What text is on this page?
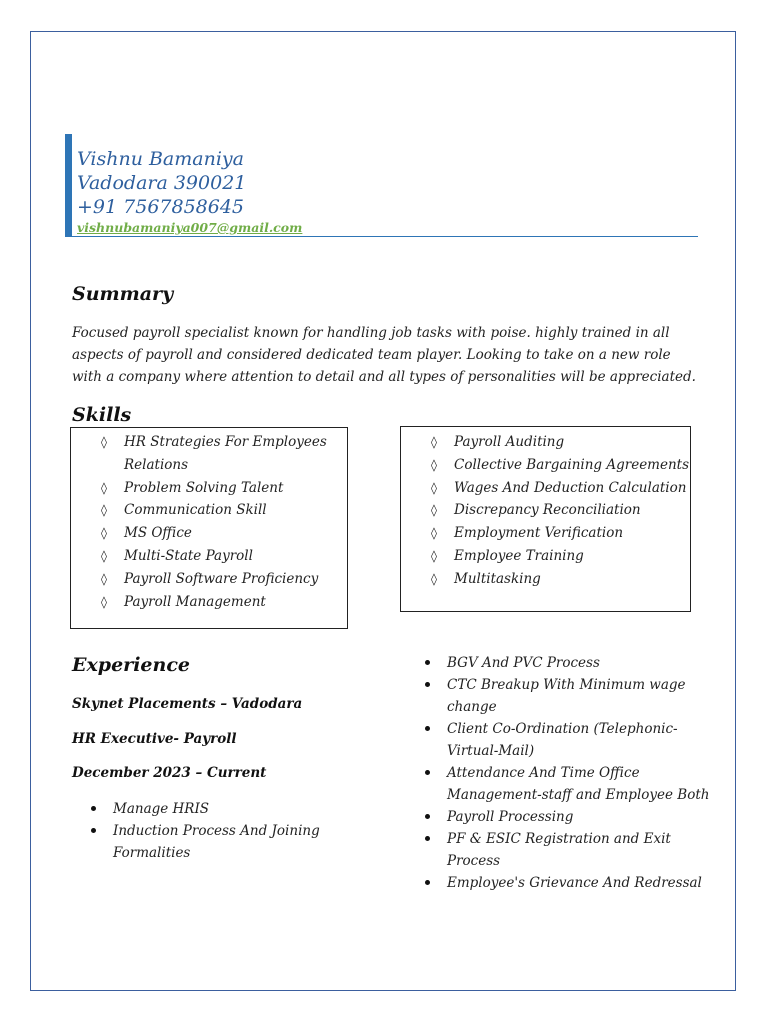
Vishnu Bamaniya
Vadodara 390021
+91 7567858645
vishnubamaniya007@gmail.com
Summary

Focused payroll specialist known for handling job tasks with poise. highly trained in all aspects of payroll and considered dedicated team player. Looking to take on a new role with a company where attention to detail and all types of personalities will be appreciated.

Skills
◊ HR Strategies For Employees Relations
◊ Problem Solving Talent
◊ Communication Skill
◊ MS Office
◊ Multi-State Payroll
◊ Payroll Software Proficiency
◊ Payroll Management
◊ Payroll Auditing
◊ Collective Bargaining Agreements
◊ Wages And Deduction Calculation
◊ Discrepancy Reconciliation
◊ Employment Verification
◊ Employee Training
◊ Multitasking
Experience

Skynet Placements – Vadodara

HR Executive- Payroll

December 2023 – Current

Manage HRIS
Induction Process And Joining Formalities
BGV And PVC Process
CTC Breakup With Minimum wage change
Client Co-Ordination (Telephonic-Virtual-Mail)
Attendance And Time Office Management-staff and Employee Both
Payroll Processing
PF & ESIC Registration and Exit Process
Employee's Grievance And Redressal
